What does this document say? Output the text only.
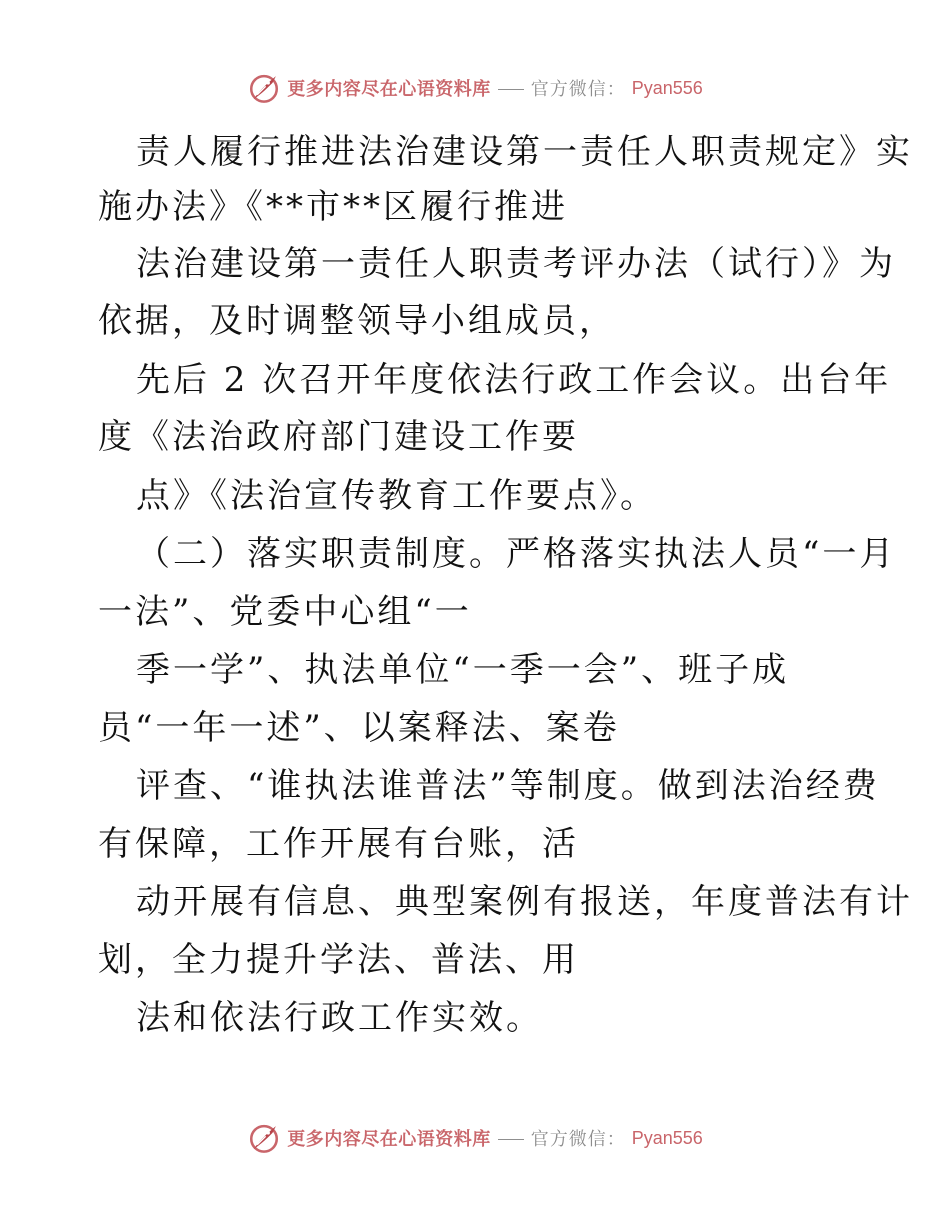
更多内容尽在心语资料库 官方微信： Pyan556
责人履行推进法治建设第一责任人职责规定》实
施办法》《**市**区履行推进
法治建设第一责任人职责考评办法（试行）》为
依据，及时调整领导小组成员，
先后 2 次召开年度依法行政工作会议。出台年
度《法治政府部门建设工作要
点》《法治宣传教育工作要点》。
（二）落实职责制度。严格落实执法人员“一月
一法”、党委中心组“一
季一学”、执法单位“一季一会”、班子成
员“一年一述”、以案释法、案卷
评查、“谁执法谁普法”等制度。做到法治经费
有保障，工作开展有台账，活
动开展有信息、典型案例有报送，年度普法有计
划，全力提升学法、普法、用
法和依法行政工作实效。
更多内容尽在心语资料库 官方微信： Pyan556
